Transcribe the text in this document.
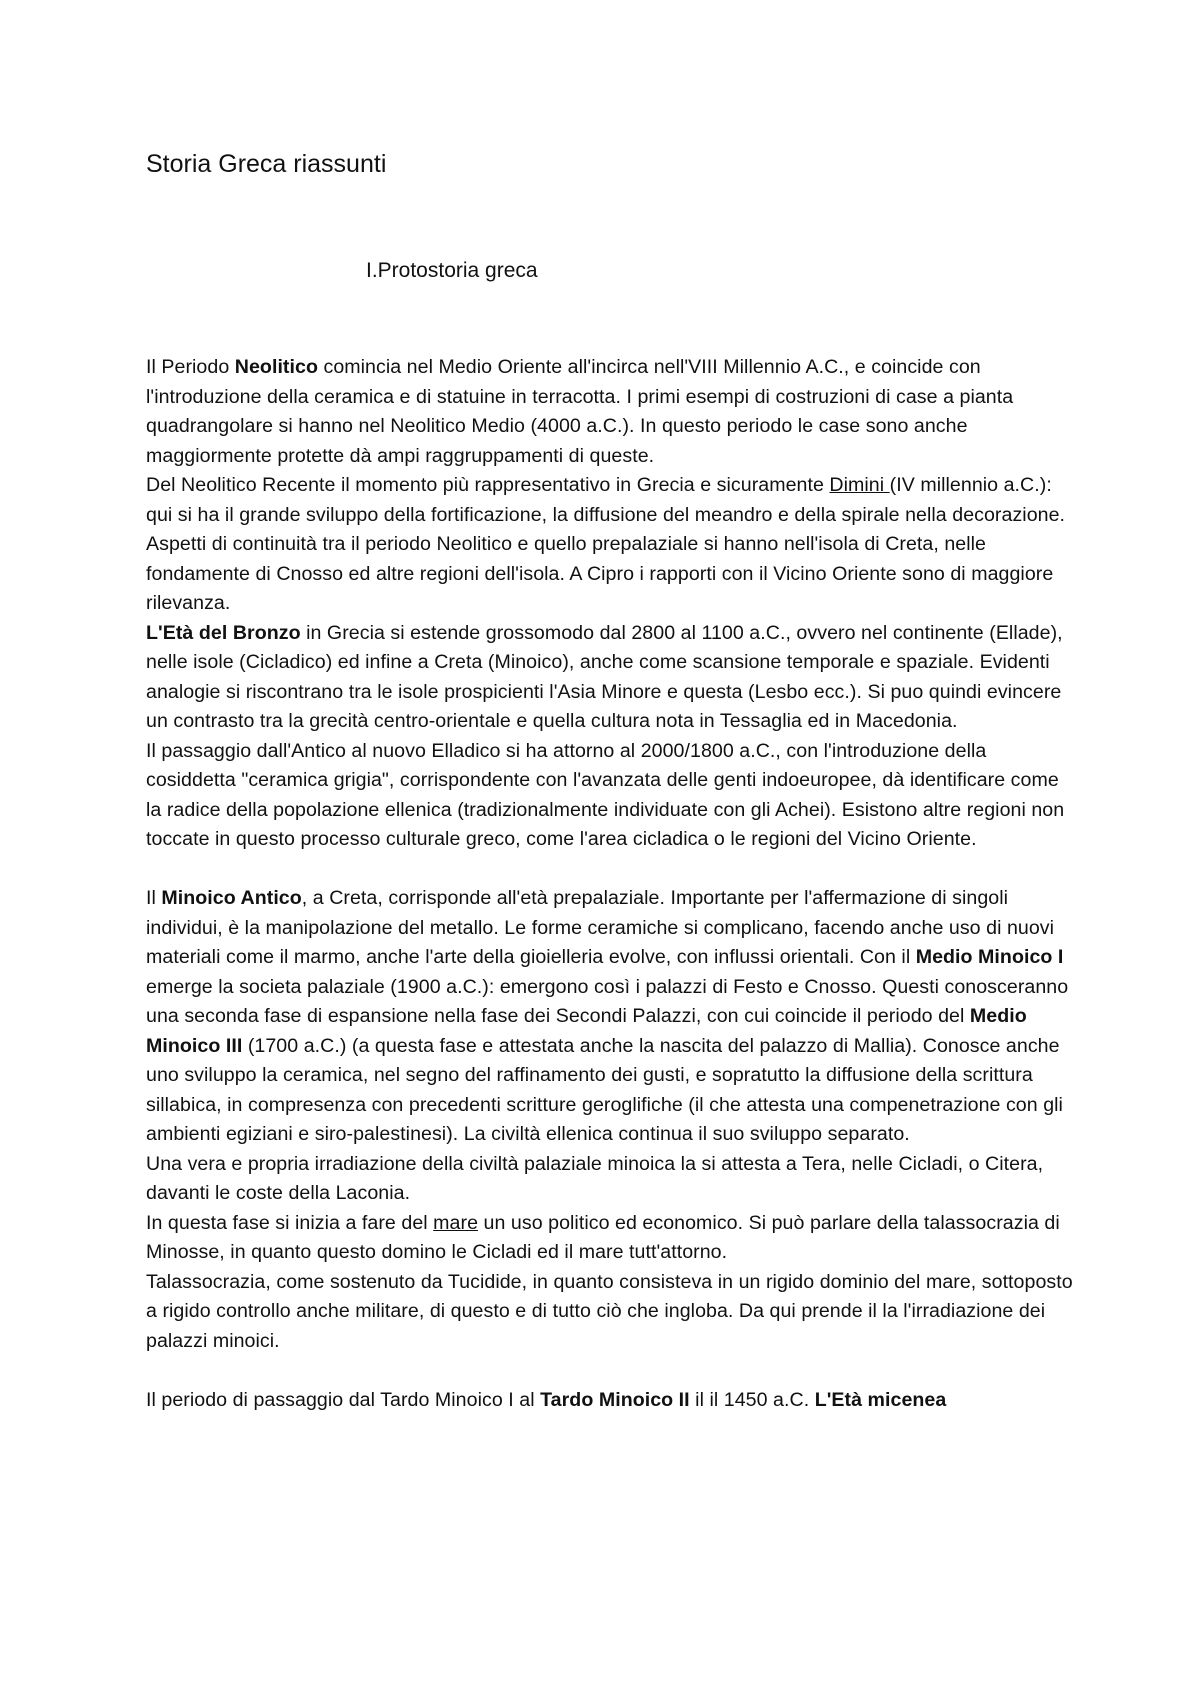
Storia Greca riassunti
I.Protostoria greca

Il Periodo Neolitico comincia nel Medio Oriente all'incirca nell'VIII Millennio A.C., e coincide con l'introduzione della ceramica e di statuine in terracotta. I primi esempi di costruzioni di case a pianta quadrangolare si hanno nel Neolitico Medio (4000 a.C.). In questo periodo le case sono anche maggiormente protette dà ampi raggruppamenti di queste.

Del Neolitico Recente il momento più rappresentativo in Grecia e sicuramente Dimini (IV millennio a.C.): qui si ha il grande sviluppo della fortificazione, la diffusione del meandro e della spirale nella decorazione.

Aspetti di continuità tra il periodo Neolitico e quello prepalaziale si hanno nell'isola di Creta, nelle fondamente di Cnosso ed altre regioni dell'isola. A Cipro i rapporti con il Vicino Oriente sono di maggiore rilevanza.

L'Età del Bronzo in Grecia si estende grossomodo dal 2800 al 1100 a.C., ovvero nel continente (Ellade), nelle isole (Cicladico) ed infine a Creta (Minoico), anche come scansione temporale e spaziale. Evidenti analogie si riscontrano tra le isole prospicienti l'Asia Minore e questa (Lesbo ecc.). Si puo quindi evincere un contrasto tra la grecità centro-orientale e quella cultura nota in Tessaglia ed in Macedonia.

Il passaggio dall'Antico al nuovo Elladico si ha attorno al 2000/1800 a.C., con l'introduzione della cosiddetta "ceramica grigia", corrispondente con l'avanzata delle genti indoeuropee, dà identificare come la radice della popolazione ellenica (tradizionalmente individuate con gli Achei). Esistono altre regioni non toccate in questo processo culturale greco, come l'area cicladica o le regioni del Vicino Oriente.

Il Minoico Antico, a Creta, corrisponde all'età prepalaziale. Importante per l'affermazione di singoli individui, è la manipolazione del metallo. Le forme ceramiche si complicano, facendo anche uso di nuovi materiali come il marmo, anche l'arte della gioielleria evolve, con influssi orientali. Con il Medio Minoico I emerge la societa palaziale (1900 a.C.): emergono così i palazzi di Festo e Cnosso. Questi conosceranno una seconda fase di espansione nella fase dei Secondi Palazzi, con cui coincide il periodo del Medio Minoico III (1700 a.C.) (a questa fase e attestata anche la nascita del palazzo di Mallia). Conosce anche uno sviluppo la ceramica, nel segno del raffinamento dei gusti, e sopratutto la diffusione della scrittura sillabica, in compresenza con precedenti scritture geroglifiche (il che attesta una compenetrazione con gli ambienti egiziani e siro-palestinesi). La civiltà ellenica continua il suo sviluppo separato.

Una vera e propria irradiazione della civiltà palaziale minoica la si attesta a Tera, nelle Cicladi, o Citera, davanti le coste della Laconia.

In questa fase si inizia a fare del mare un uso politico ed economico. Si può parlare della talassocrazia di Minosse, in quanto questo domino le Cicladi ed il mare tutt'attorno.

Talassocrazia, come sostenuto da Tucidide, in quanto consisteva in un rigido dominio del mare, sottoposto a rigido controllo anche militare, di questo e di tutto ciò che ingloba. Da qui prende il la l'irradiazione dei palazzi minoici.

Il periodo di passaggio dal Tardo Minoico I al Tardo Minoico II il il 1450 a.C. L'Età micenea
